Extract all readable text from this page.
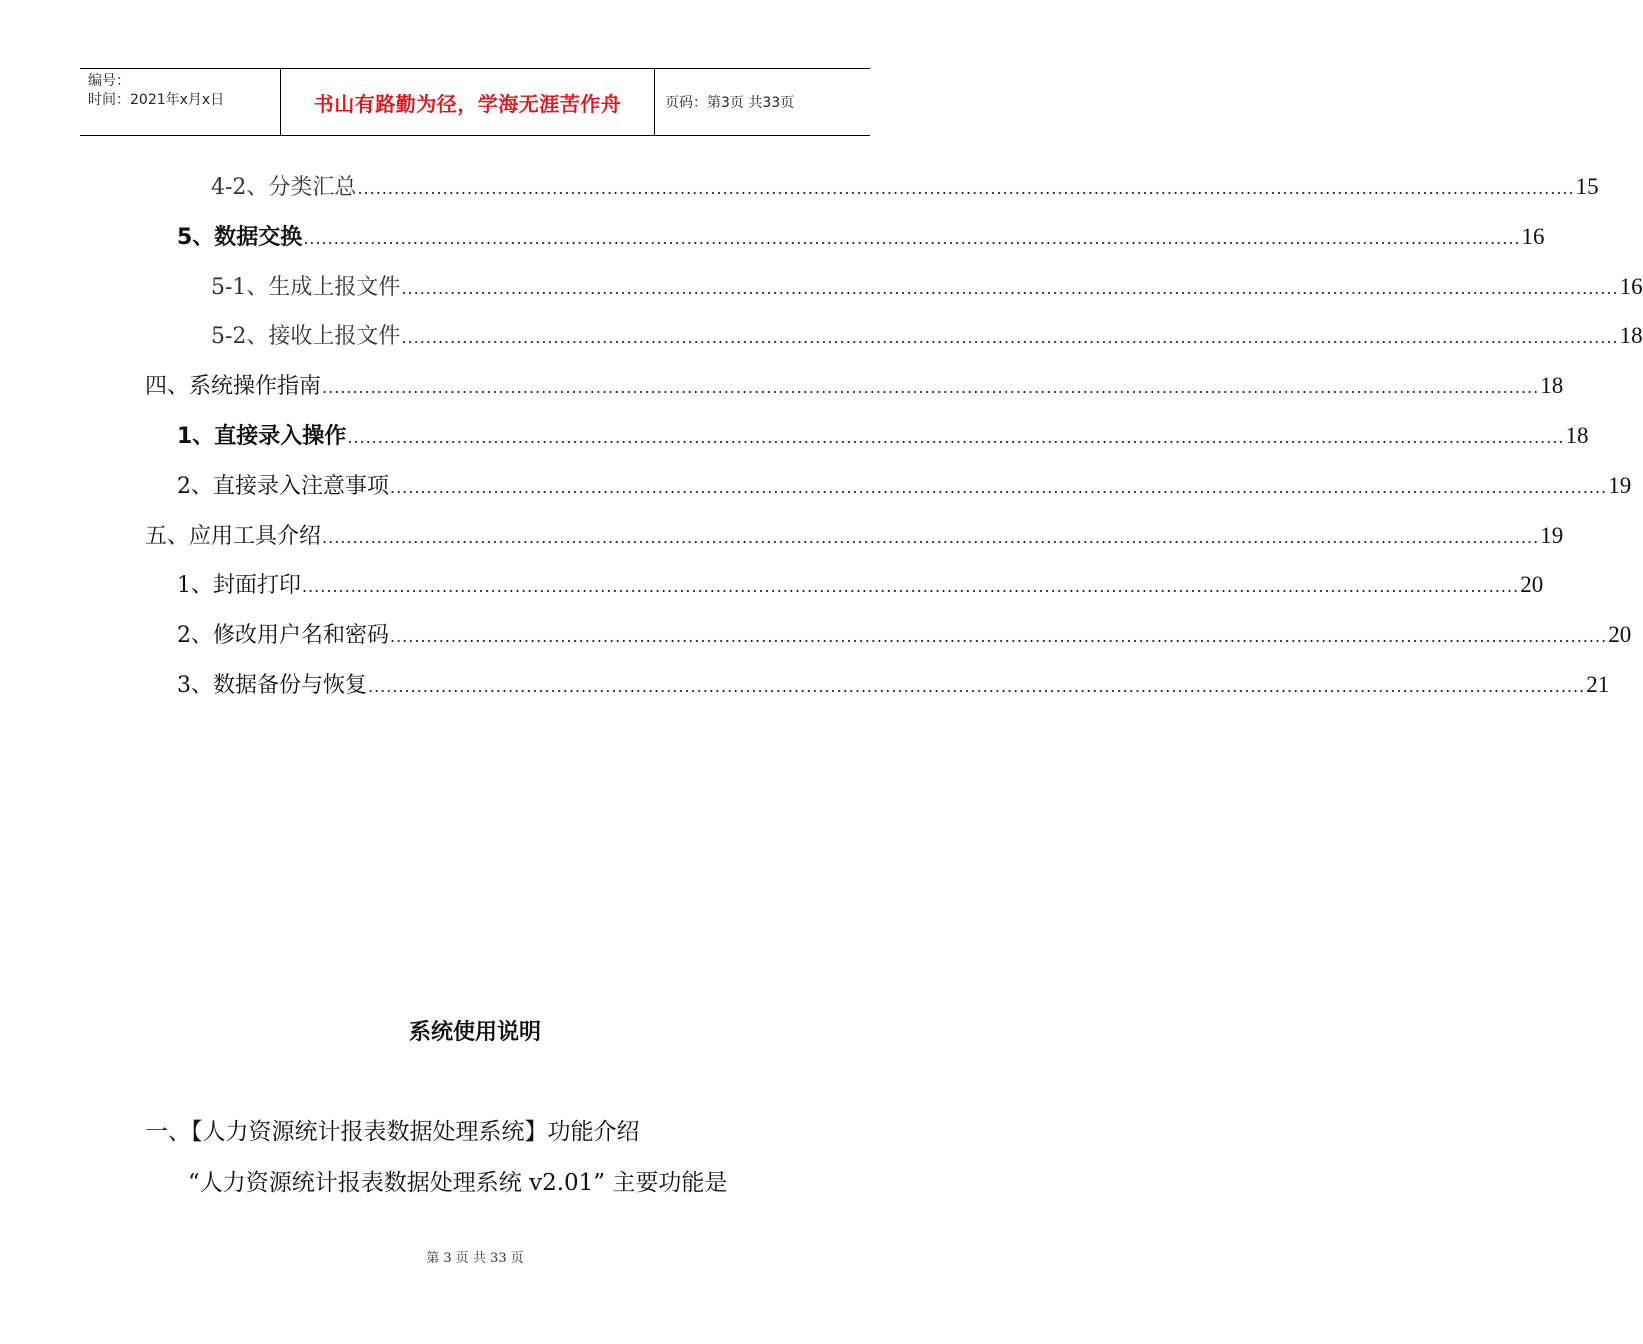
编号：
时间：2021年x月x日	书山有路勤为径，学海无涯苦作舟	页码：第3页 共33页
4-2、分类汇总 ........................................................................................................................................................................................................ 15
5、数据交换 ........................................................................................................................................................................................................ 16
5-1、生成上报文件 ........................................................................................................................................................................................................ 16
5-2、接收上报文件 ........................................................................................................................................................................................................ 18
四、系统操作指南 ........................................................................................................................................................................................................ 18
1、直接录入操作 ........................................................................................................................................................................................................ 18
2、直接录入注意事项 ........................................................................................................................................................................................................ 19
五、应用工具介绍 ........................................................................................................................................................................................................ 19
1、封面打印 ........................................................................................................................................................................................................ 20
2、修改用户名和密码 ........................................................................................................................................................................................................ 20
3、数据备份与恢复 ........................................................................................................................................................................................................ 21
系统使用说明
一、【人力资源统计报表数据处理系统】功能介绍
“人力资源统计报表数据处理系统 v2.01” 主要功能是
第 3 页 共 33 页
